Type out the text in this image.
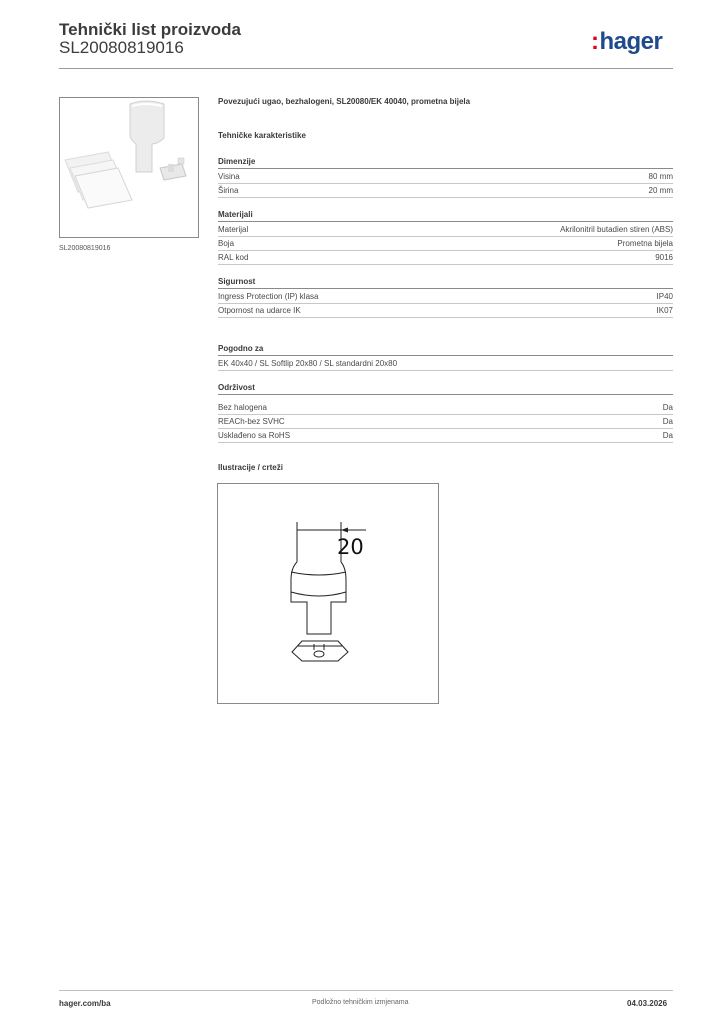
Tehnički list proizvoda
SL20080819016	:hager
SL20080819016
Povezujući ugao, bezhalogeni, SL20080/EK 40040, prometna bijela
Tehničke karakteristike
Dimenzije
Visina	80 mm
Širina	20 mm
Materijali
Materijal	Akrilonitril butadien stiren (ABS)
Boja	Prometna bijela
RAL kod	9016
Sigurnost
Ingress Protection (IP) klasa	IP40
Otpornost na udarce IK	IK07
Pogodno za
EK 40x40 / SL Softlip 20x80 / SL standardni 20x80
Održivost
Bez halogena	Da
REACh-bez SVHC	Da
Usklađeno sa RoHS	Da
Ilustracije / crteži
20
hager.com/ba	Podložno tehničkim izmjenama	04.03.2026
